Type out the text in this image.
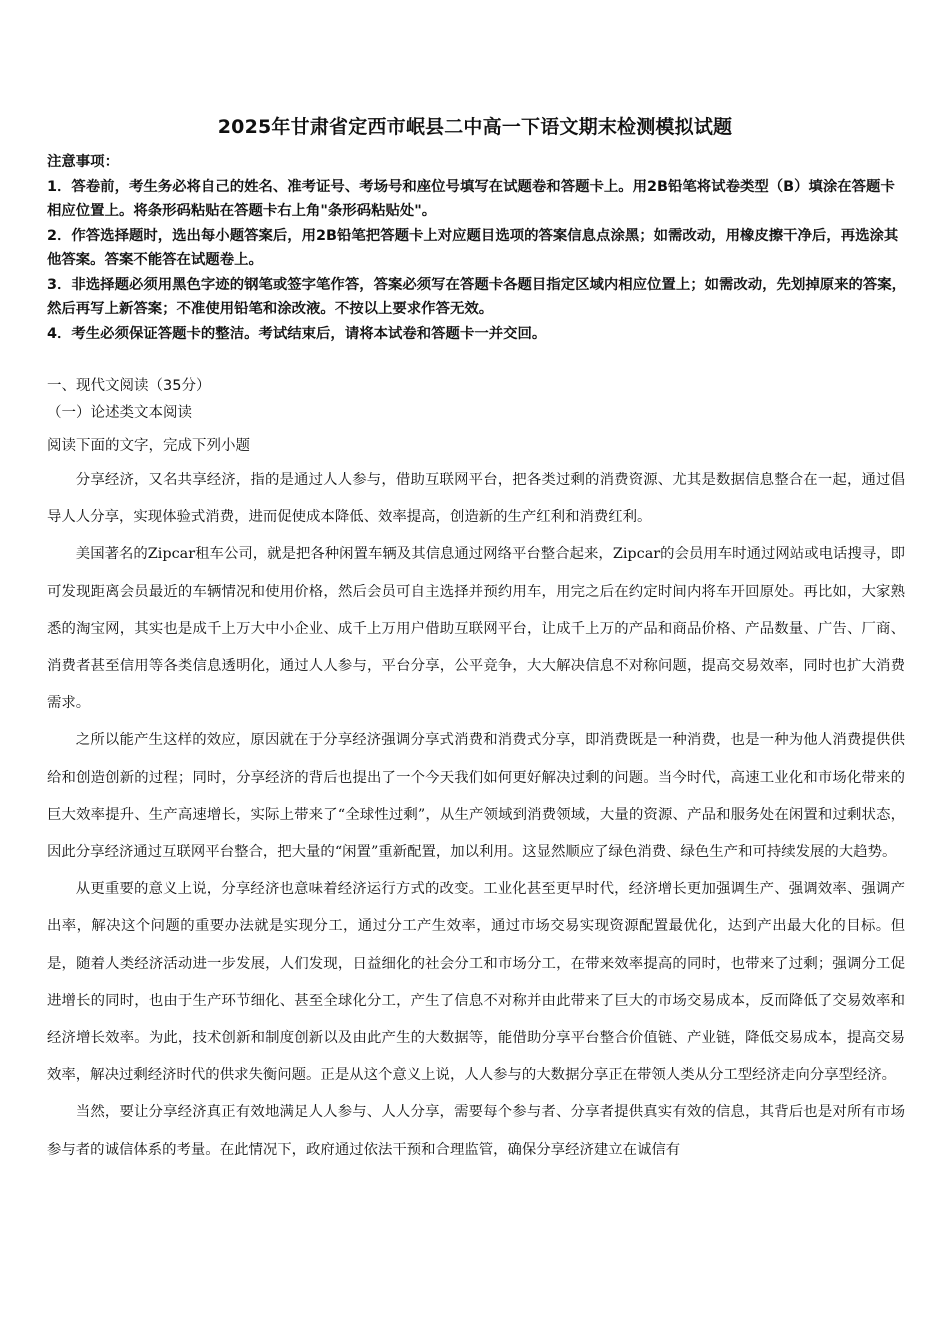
2025年甘肃省定西市岷县二中高一下语文期末检测模拟试题

注意事项：

1．答卷前，考生务必将自己的姓名、准考证号、考场号和座位号填写在试题卷和答题卡上。用2B铅笔将试卷类型（B）填涂在答题卡相应位置上。将条形码粘贴在答题卡右上角"条形码粘贴处"。

2．作答选择题时，选出每小题答案后，用2B铅笔把答题卡上对应题目选项的答案信息点涂黑；如需改动，用橡皮擦干净后，再选涂其他答案。答案不能答在试题卷上。

3．非选择题必须用黑色字迹的钢笔或签字笔作答，答案必须写在答题卡各题目指定区域内相应位置上；如需改动，先划掉原来的答案，然后再写上新答案；不准使用铅笔和涂改液。不按以上要求作答无效。

4．考生必须保证答题卡的整洁。考试结束后，请将本试卷和答题卡一并交回。

一、现代文阅读（35分）
（一）论述类文本阅读
阅读下面的文字，完成下列小题

分享经济，又名共享经济，指的是通过人人参与，借助互联网平台，把各类过剩的消费资源、尤其是数据信息整合在一起，通过倡导人人分享，实现体验式消费，进而促使成本降低、效率提高，创造新的生产红利和消费红利。

美国著名的Zipcar租车公司，就是把各种闲置车辆及其信息通过网络平台整合起来，Zipcar的会员用车时通过网站或电话搜寻，即可发现距离会员最近的车辆情况和使用价格，然后会员可自主选择并预约用车，用完之后在约定时间内将车开回原处。再比如，大家熟悉的淘宝网，其实也是成千上万大中小企业、成千上万用户借助互联网平台，让成千上万的产品和商品价格、产品数量、广告、厂商、消费者甚至信用等各类信息透明化，通过人人参与，平台分享，公平竞争，大大解决信息不对称问题，提高交易效率，同时也扩大消费需求。

之所以能产生这样的效应，原因就在于分享经济强调分享式消费和消费式分享，即消费既是一种消费，也是一种为他人消费提供供给和创造创新的过程；同时，分享经济的背后也提出了一个今天我们如何更好解决过剩的问题。当今时代，高速工业化和市场化带来的巨大效率提升、生产高速增长，实际上带来了“全球性过剩”，从生产领域到消费领域，大量的资源、产品和服务处在闲置和过剩状态，因此分享经济通过互联网平台整合，把大量的“闲置”重新配置，加以利用。这显然顺应了绿色消费、绿色生产和可持续发展的大趋势。

从更重要的意义上说，分享经济也意味着经济运行方式的改变。工业化甚至更早时代，经济增长更加强调生产、强调效率、强调产出率，解决这个问题的重要办法就是实现分工，通过分工产生效率，通过市场交易实现资源配置最优化，达到产出最大化的目标。但是，随着人类经济活动进一步发展，人们发现，日益细化的社会分工和市场分工，在带来效率提高的同时，也带来了过剩；强调分工促进增长的同时，也由于生产环节细化、甚至全球化分工，产生了信息不对称并由此带来了巨大的市场交易成本，反而降低了交易效率和经济增长效率。为此，技术创新和制度创新以及由此产生的大数据等，能借助分享平台整合价值链、产业链，降低交易成本，提高交易效率，解决过剩经济时代的供求失衡问题。正是从这个意义上说，人人参与的大数据分享正在带领人类从分工型经济走向分享型经济。

当然，要让分享经济真正有效地满足人人参与、人人分享，需要每个参与者、分享者提供真实有效的信息，其背后也是对所有市场参与者的诚信体系的考量。在此情况下，政府通过依法干预和合理监管，确保分享经济建立在诚信有
